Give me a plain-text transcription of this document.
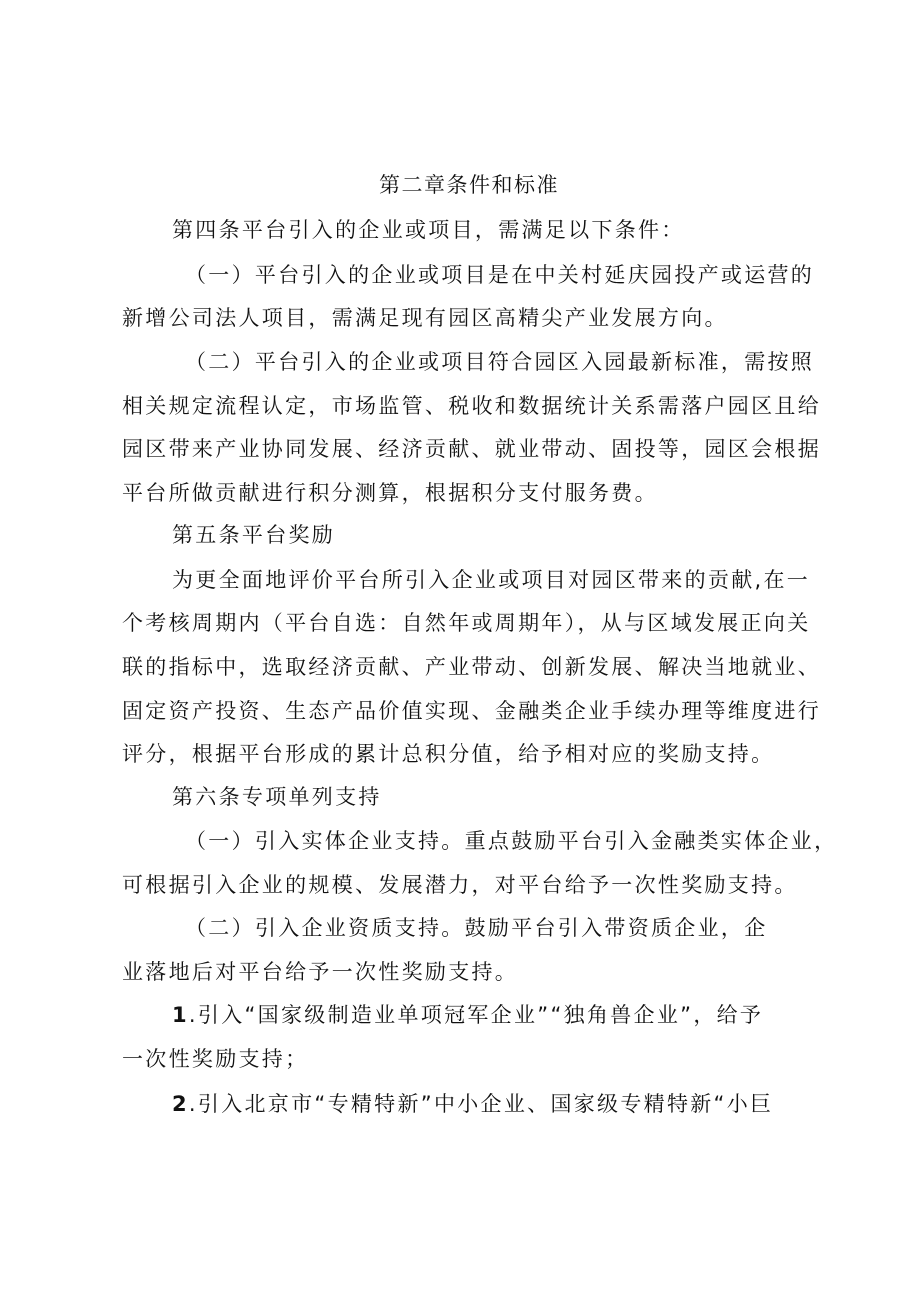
第二章条件和标准
第四条平台引入的企业或项目，需满足以下条件：
（一）平台引入的企业或项目是在中关村延庆园投产或运营的
新增公司法人项目，需满足现有园区高精尖产业发展方向。
（二）平台引入的企业或项目符合园区入园最新标准，需按照
相关规定流程认定，市场监管、税收和数据统计关系需落户园区且给
园区带来产业协同发展、经济贡献、就业带动、固投等，园区会根据
平台所做贡献进行积分测算，根据积分支付服务费。
第五条平台奖励
为更全面地评价平台所引入企业或项目对园区带来的贡献,在一
个考核周期内（平台自选：自然年或周期年），从与区域发展正向关
联的指标中，选取经济贡献、产业带动、创新发展、解决当地就业、
固定资产投资、生态产品价值实现、金融类企业手续办理等维度进行
评分，根据平台形成的累计总积分值，给予相对应的奖励支持。
第六条专项单列支持
（一）引入实体企业支持。重点鼓励平台引入金融类实体企业，
可根据引入企业的规模、发展潜力，对平台给予一次性奖励支持。
（二）引入企业资质支持。鼓励平台引入带资质企业，企
业落地后对平台给予一次性奖励支持。
1.引入“国家级制造业单项冠军企业”“独角兽企业”，给予
一次性奖励支持；
2.引入北京市“专精特新”中小企业、国家级专精特新“小巨
